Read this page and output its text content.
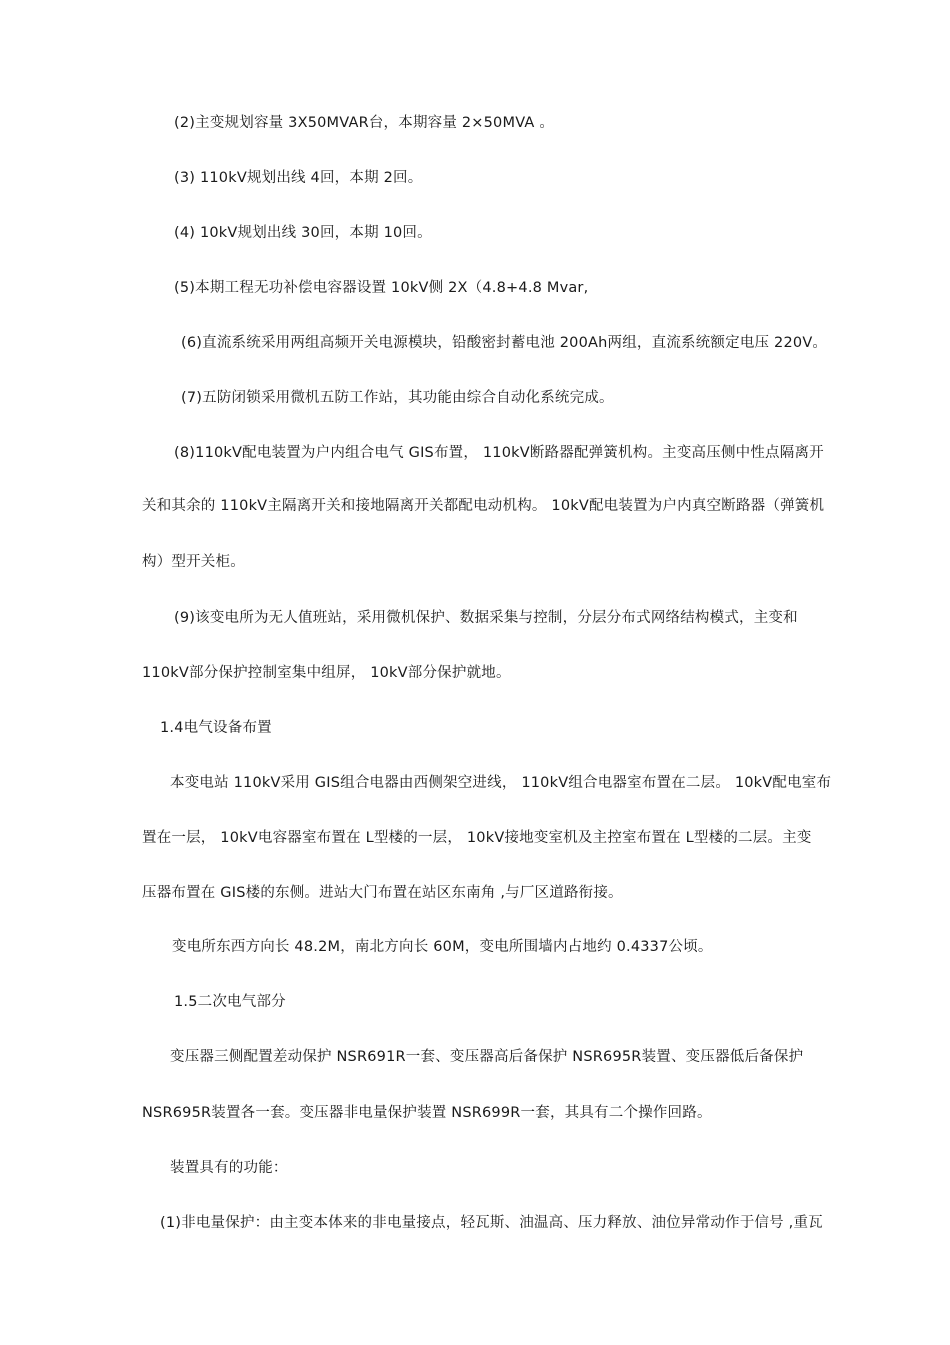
(2)主变规划容量 3X50MVAR台，本期容量 2×50MVA 。
(3) 110kV规划出线 4回，本期 2回。
(4) 10kV规划出线 30回，本期 10回。
(5)本期工程无功补偿电容器设置 10kV侧 2X（4.8+4.8 Mvar,
(6)直流系统采用两组高频开关电源模块，铅酸密封蓄电池 200Ah两组，直流系统额定电压 220V。
(7)五防闭锁采用微机五防工作站，其功能由综合自动化系统完成。
(8)110kV配电装置为户内组合电气 GIS布置， 110kV断路器配弹簧机构。主变高压侧中性点隔离开
关和其余的 110kV主隔离开关和接地隔离开关都配电动机构。 10kV配电装置为户内真空断路器（弹簧机
构）型开关柜。
(9)该变电所为无人值班站，采用微机保护、数据采集与控制，分层分布式网络结构模式，主变和
110kV部分保护控制室集中组屏， 10kV部分保护就地。
1.4电气设备布置
本变电站 110kV采用 GIS组合电器由西侧架空进线， 110kV组合电器室布置在二层。 10kV配电室布
置在一层， 10kV电容器室布置在 L型楼的一层， 10kV接地变室机及主控室布置在 L型楼的二层。主变
压器布置在 GIS楼的东侧。进站大门布置在站区东南角 ,与厂区道路衔接。
变电所东西方向长 48.2M，南北方向长 60M，变电所围墙内占地约 0.4337公顷。
1.5二次电气部分
变压器三侧配置差动保护 NSR691R一套、变压器高后备保护 NSR695R装置、变压器低后备保护
NSR695R装置各一套。变压器非电量保护装置 NSR699R一套，其具有二个操作回路。
装置具有的功能：
(1)非电量保护：由主变本体来的非电量接点，轻瓦斯、油温高、压力释放、油位异常动作于信号 ,重瓦
